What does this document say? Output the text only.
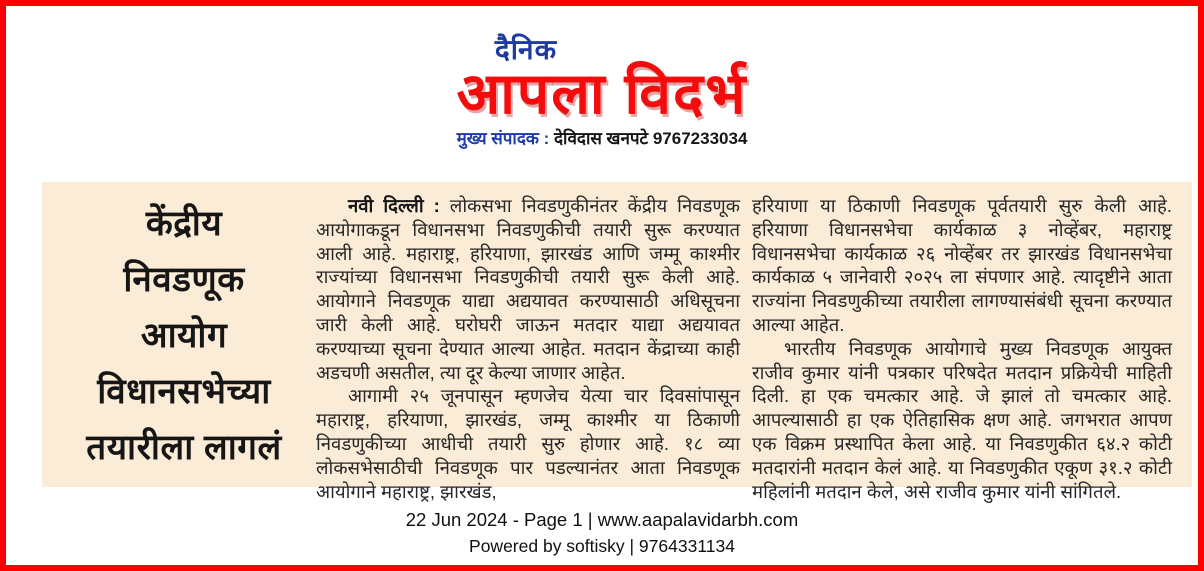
दैनिक
आपला विदर्भ
मुख्य संपादक : देविदास खनपटे 9767233034
केंद्रीय
निवडणूक
आयोग
विधानसभेच्या
तयारीला लागलं

नवी दिल्ली : लोकसभा निवडणुकीनंतर केंद्रीय निवडणूक आयोगाकडून विधानसभा निवडणुकीची तयारी सुरू करण्यात आली आहे. महाराष्ट्र, हरियाणा, झारखंड आणि जम्मू काश्मीर राज्यांच्या विधानसभा निवडणुकीची तयारी सुरू केली आहे. आयोगाने निवडणूक याद्या अद्ययावत करण्यासाठी अधिसूचना जारी केली आहे. घरोघरी जाऊन मतदार याद्या अद्ययावत करण्याच्या सूचना देण्यात आल्या आहेत. मतदान केंद्राच्या काही अडचणी असतील, त्या दूर केल्या जाणार आहेत.

आगामी २५ जूनपासून म्हणजेच येत्या चार दिवसांपासून महाराष्ट्र, हरियाणा, झारखंड, जम्मू काश्मीर या ठिकाणी निवडणुकीच्या आधीची तयारी सुरु होणार आहे. १८ व्या लोकसभेसाठीची निवडणूक पार पडल्यानंतर आता निवडणूक आयोगाने महाराष्ट्र, झारखंड,

हरियाणा या ठिकाणी निवडणूक पूर्वतयारी सुरु केली आहे. हरियाणा विधानसभेचा कार्यकाळ ३ नोव्हेंबर, महाराष्ट्र विधानसभेचा कार्यकाळ २६ नोव्हेंबर तर झारखंड विधानसभेचा कार्यकाळ ५ जानेवारी २०२५ ला संपणार आहे. त्यादृष्टीने आता राज्यांना निवडणुकीच्या तयारीला लागण्यासंबंधी सूचना करण्यात आल्या आहेत.

भारतीय निवडणूक आयोगाचे मुख्य निवडणूक आयुक्त राजीव कुमार यांनी पत्रकार परिषदेत मतदान प्रक्रियेची माहिती दिली. हा एक चमत्कार आहे. जे झालं तो चमत्कार आहे. आपल्यासाठी हा एक ऐतिहासिक क्षण आहे. जगभरात आपण एक विक्रम प्रस्थापित केला आहे. या निवडणुकीत ६४.२ कोटी मतदारांनी मतदान केलं आहे. या निवडणुकीत एकूण ३१.२ कोटी महिलांनी मतदान केले, असे राजीव कुमार यांनी सांगितले.

22 Jun 2024 - Page 1 | www.aapalavidarbh.com
Powered by softisky | 9764331134
